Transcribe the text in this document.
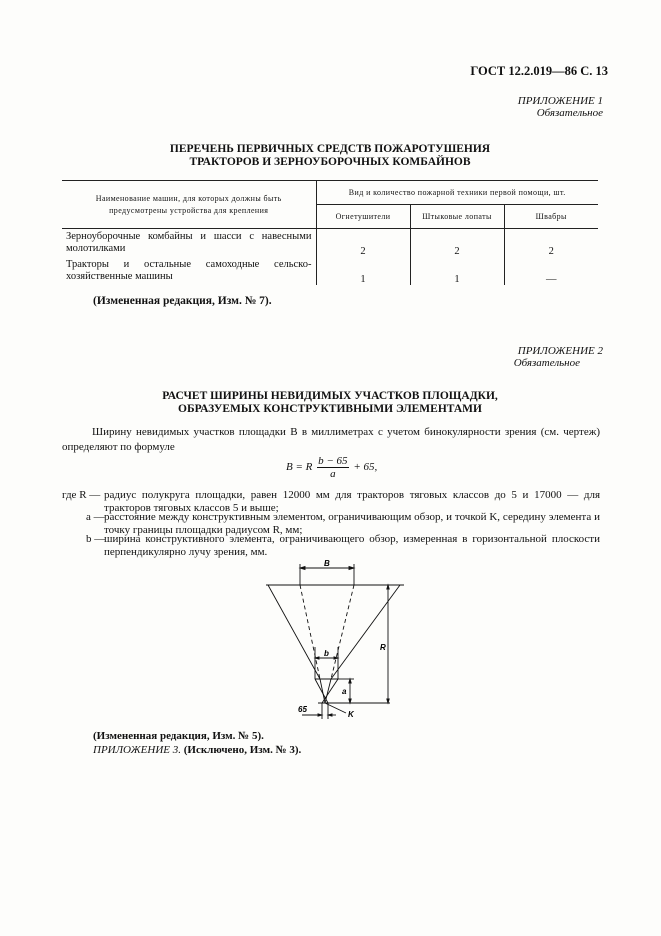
ГОСТ 12.2.019—86 С. 13
ПРИЛОЖЕНИЕ 1
Обязательное
ПЕРЕЧЕНЬ ПЕРВИЧНЫХ СРЕДСТВ ПОЖАРОТУШЕНИЯ
ТРАКТОРОВ И ЗЕРНОУБОРОЧНЫХ КОМБАЙНОВ
Наименование машин, для которых должны быть предусмотрены устройства для крепления	Вид и количество пожарной техники первой помощи, шт.		
	Огнетушители	Штыковые лопаты	Швабры
Зерноуборочные комбайны и шасси с навесными молотилками	2	2	2
Тракторы и остальные самоходные сельско-хозяйственные машины	1	1	—
(Измененная редакция, Изм. № 7).
ПРИЛОЖЕНИЕ 2
Обязательное
РАСЧЕТ ШИРИНЫ НЕВИДИМЫХ УЧАСТКОВ ПЛОЩАДКИ,
ОБРАЗУЕМЫХ КОНСТРУКТИВНЫМИ ЭЛЕМЕНТАМИ
Ширину невидимых участков площадки B в миллиметрах с учетом бинокулярности зрения (см. чертеж) определяют по формуле
B = R $\frac{b - 65}{a} + 65$,
где R — радиус полукруга площадки, равен 12000 мм для тракторов тяговых классов до 5 и 17000 — для тракторов тяговых классов 5 и выше;
a — расстояние между конструктивным элементом, ограничивающим обзор, и точкой K, середину элемента и точку границы площадки радиусом R, мм;
b —
ширина конструктивного элемента, ограничивающего обзор, измеренная в горизонтальной плоскости перпендикулярно лучу зрения, мм.
B
b
R
a
K
65
(Измененная редакция, Изм. № 5).
ПРИЛОЖЕНИЕ 3. (Исключено, Изм. № 3).
